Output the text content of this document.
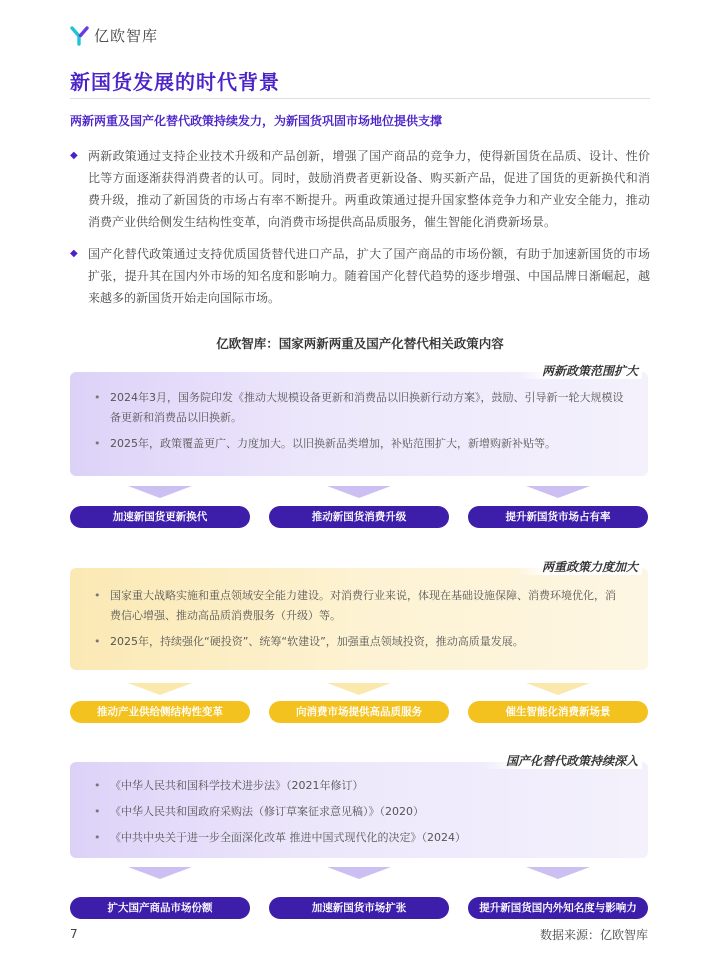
亿欧智库
新国货发展的时代背景
两新两重及国产化替代政策持续发力，为新国货巩固市场地位提供支撑
◆ 两新政策通过支持企业技术升级和产品创新，增强了国产商品的竞争力，使得新国货在品质、设计、性价比等方面逐渐获得消费者的认可。同时，鼓励消费者更新设备、购买新产品，促进了国货的更新换代和消费升级，推动了新国货的市场占有率不断提升。两重政策通过提升国家整体竞争力和产业安全能力，推动消费产业供给侧发生结构性变革，向消费市场提供高品质服务，催生智能化消费新场景。
◆ 国产化替代政策通过支持优质国货替代进口产品，扩大了国产商品的市场份额，有助于加速新国货的市场扩张，提升其在国内外市场的知名度和影响力。随着国产化替代趋势的逐步增强、中国品牌日渐崛起，越来越多的新国货开始走向国际市场。
亿欧智库：国家两新两重及国产化替代相关政策内容
两新政策范围扩大
• 2024年3月，国务院印发《推动大规模设备更新和消费品以旧换新行动方案》，鼓励、引导新一轮大规模设备更新和消费品以旧换新。
• 2025年，政策覆盖更广、力度加大。以旧换新品类增加，补贴范围扩大，新增购新补贴等。
加速新国货更新换代	推动新国货消费升级	提升新国货市场占有率
两重政策力度加大
• 国家重大战略实施和重点领域安全能力建设。对消费行业来说，体现在基础设施保障、消费环境优化，消费信心增强、推动高品质消费服务（升级）等。
• 2025年，持续强化“硬投资”、统筹“软建设”，加强重点领域投资，推动高质量发展。
推动产业供给侧结构性变革	向消费市场提供高品质服务	催生智能化消费新场景
国产化替代政策持续深入
• 《中华人民共和国科学技术进步法》（2021年修订）
• 《中华人民共和国政府采购法（修订草案征求意见稿）》（2020）
• 《中共中央关于进一步全面深化改革 推进中国式现代化的决定》（2024）
扩大国产商品市场份额	加速新国货市场扩张	提升新国货国内外知名度与影响力
7	数据来源：亿欧智库
